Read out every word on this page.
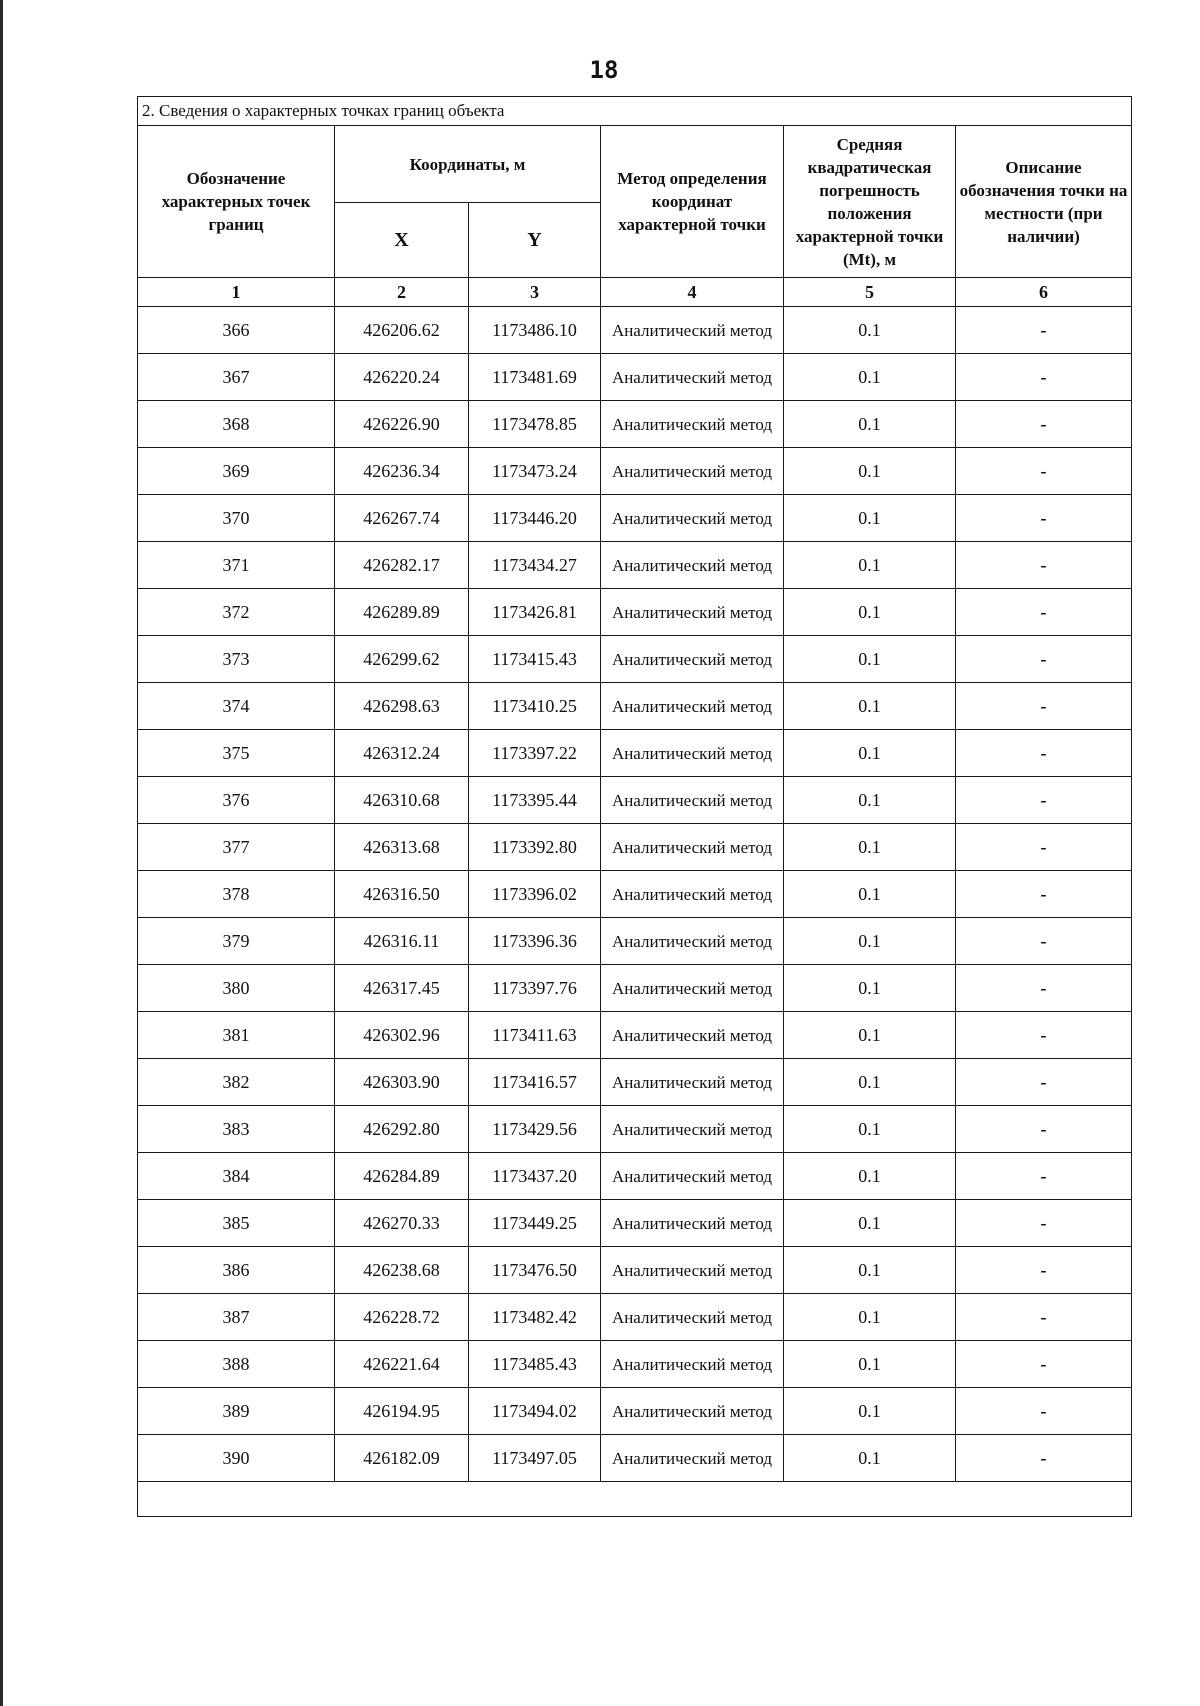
18
2. Сведения о характерных точках границ объекта					
Обозначение характерных точек границ	Координаты, м		Метод определения координат характерной точки	Средняя квадратическая погрешность положения характерной точки (Mt), м	Описание обозначения точки на местности (при наличии)
	X	Y			
1	2	3	4	5	6
366	426206.62	1173486.10	Аналитический метод	0.1	-
367	426220.24	1173481.69	Аналитический метод	0.1	-
368	426226.90	1173478.85	Аналитический метод	0.1	-
369	426236.34	1173473.24	Аналитический метод	0.1	-
370	426267.74	1173446.20	Аналитический метод	0.1	-
371	426282.17	1173434.27	Аналитический метод	0.1	-
372	426289.89	1173426.81	Аналитический метод	0.1	-
373	426299.62	1173415.43	Аналитический метод	0.1	-
374	426298.63	1173410.25	Аналитический метод	0.1	-
375	426312.24	1173397.22	Аналитический метод	0.1	-
376	426310.68	1173395.44	Аналитический метод	0.1	-
377	426313.68	1173392.80	Аналитический метод	0.1	-
378	426316.50	1173396.02	Аналитический метод	0.1	-
379	426316.11	1173396.36	Аналитический метод	0.1	-
380	426317.45	1173397.76	Аналитический метод	0.1	-
381	426302.96	1173411.63	Аналитический метод	0.1	-
382	426303.90	1173416.57	Аналитический метод	0.1	-
383	426292.80	1173429.56	Аналитический метод	0.1	-
384	426284.89	1173437.20	Аналитический метод	0.1	-
385	426270.33	1173449.25	Аналитический метод	0.1	-
386	426238.68	1173476.50	Аналитический метод	0.1	-
387	426228.72	1173482.42	Аналитический метод	0.1	-
388	426221.64	1173485.43	Аналитический метод	0.1	-
389	426194.95	1173494.02	Аналитический метод	0.1	-
390	426182.09	1173497.05	Аналитический метод	0.1	-
